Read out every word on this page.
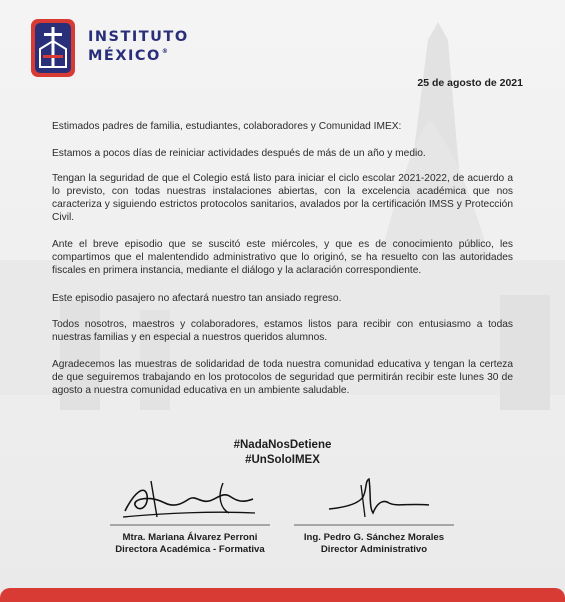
INSTITUTO
MÉXICO®
25 de agosto de 2021

Estimados padres de familia, estudiantes, colaboradores y Comunidad IMEX:

Estamos a pocos días de reiniciar actividades después de más de un año y medio.

Tengan la seguridad de que el Colegio está listo para iniciar el ciclo escolar 2021-2022, de acuerdo a lo previsto, con todas nuestras instalaciones abiertas, con la excelencia académica que nos caracteriza y siguiendo estrictos protocolos sanitarios, avalados por la certificación IMSS y Protección Civil.

Ante el breve episodio que se suscitó este miércoles, y que es de conocimiento público, les compartimos que el malentendido administrativo que lo originó, se ha resuelto con las autoridades fiscales en primera instancia, mediante el diálogo y la aclaración correspondiente.

Este episodio pasajero no afectará nuestro tan ansiado regreso.

Todos nosotros, maestros y colaboradores, estamos listos para recibir con entusiasmo a todas nuestras familias y en especial a nuestros queridos alumnos.

Agradecemos las muestras de solidaridad de toda nuestra comunidad educativa y tengan la certeza de que seguiremos trabajando en los protocolos de seguridad que permitirán recibir este lunes 30 de agosto a nuestra comunidad educativa en un ambiente saludable.

#NadaNosDetiene
#UnSoloIMEX
Mtra. Mariana Álvarez Perroni
Directora Académica - Formativa
Ing. Pedro G. Sánchez Morales
Director Administrativo
